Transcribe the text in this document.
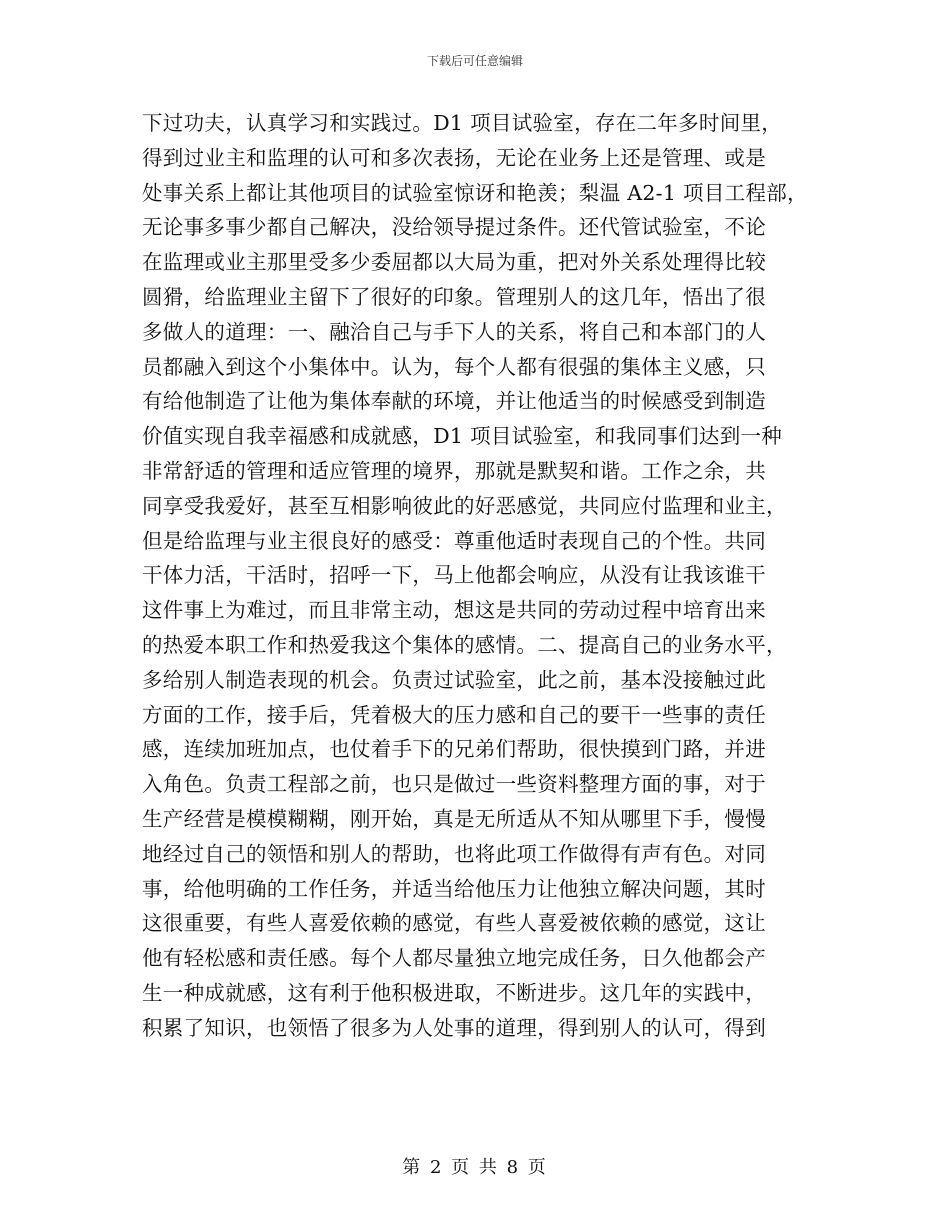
下载后可任意编辑
下过功夫，认真学习和实践过。D1 项目试验室，存在二年多时间里，
得到过业主和监理的认可和多次表扬，无论在业务上还是管理、或是
处事关系上都让其他项目的试验室惊讶和艳羡；梨温 A2-1 项目工程部，
无论事多事少都自己解决，没给领导提过条件。还代管试验室，不论
在监理或业主那里受多少委屈都以大局为重，把对外关系处理得比较
圆猾，给监理业主留下了很好的印象。管理别人的这几年，悟出了很
多做人的道理：一、融洽自己与手下人的关系，将自己和本部门的人
员都融入到这个小集体中。认为，每个人都有很强的集体主义感，只
有给他制造了让他为集体奉献的环境，并让他适当的时候感受到制造
价值实现自我幸福感和成就感，D1 项目试验室，和我同事们达到一种
非常舒适的管理和适应管理的境界，那就是默契和谐。工作之余，共
同享受我爱好，甚至互相影响彼此的好恶感觉，共同应付监理和业主，
但是给监理与业主很良好的感受：尊重他适时表现自己的个性。共同
干体力活，干活时，招呼一下，马上他都会响应，从没有让我该谁干
这件事上为难过，而且非常主动，想这是共同的劳动过程中培育出来
的热爱本职工作和热爱我这个集体的感情。二、提高自己的业务水平，
多给别人制造表现的机会。负责过试验室，此之前，基本没接触过此
方面的工作，接手后，凭着极大的压力感和自己的要干一些事的责任
感，连续加班加点，也仗着手下的兄弟们帮助，很快摸到门路，并进
入角色。负责工程部之前，也只是做过一些资料整理方面的事，对于
生产经营是模模糊糊，刚开始，真是无所适从不知从哪里下手，慢慢
地经过自己的领悟和别人的帮助，也将此项工作做得有声有色。对同
事，给他明确的工作任务，并适当给他压力让他独立解决问题，其时
这很重要，有些人喜爱依赖的感觉，有些人喜爱被依赖的感觉，这让
他有轻松感和责任感。每个人都尽量独立地完成任务，日久他都会产
生一种成就感，这有利于他积极进取，不断进步。这几年的实践中，
积累了知识，也领悟了很多为人处事的道理，得到别人的认可，得到
第 2 页 共 8 页
